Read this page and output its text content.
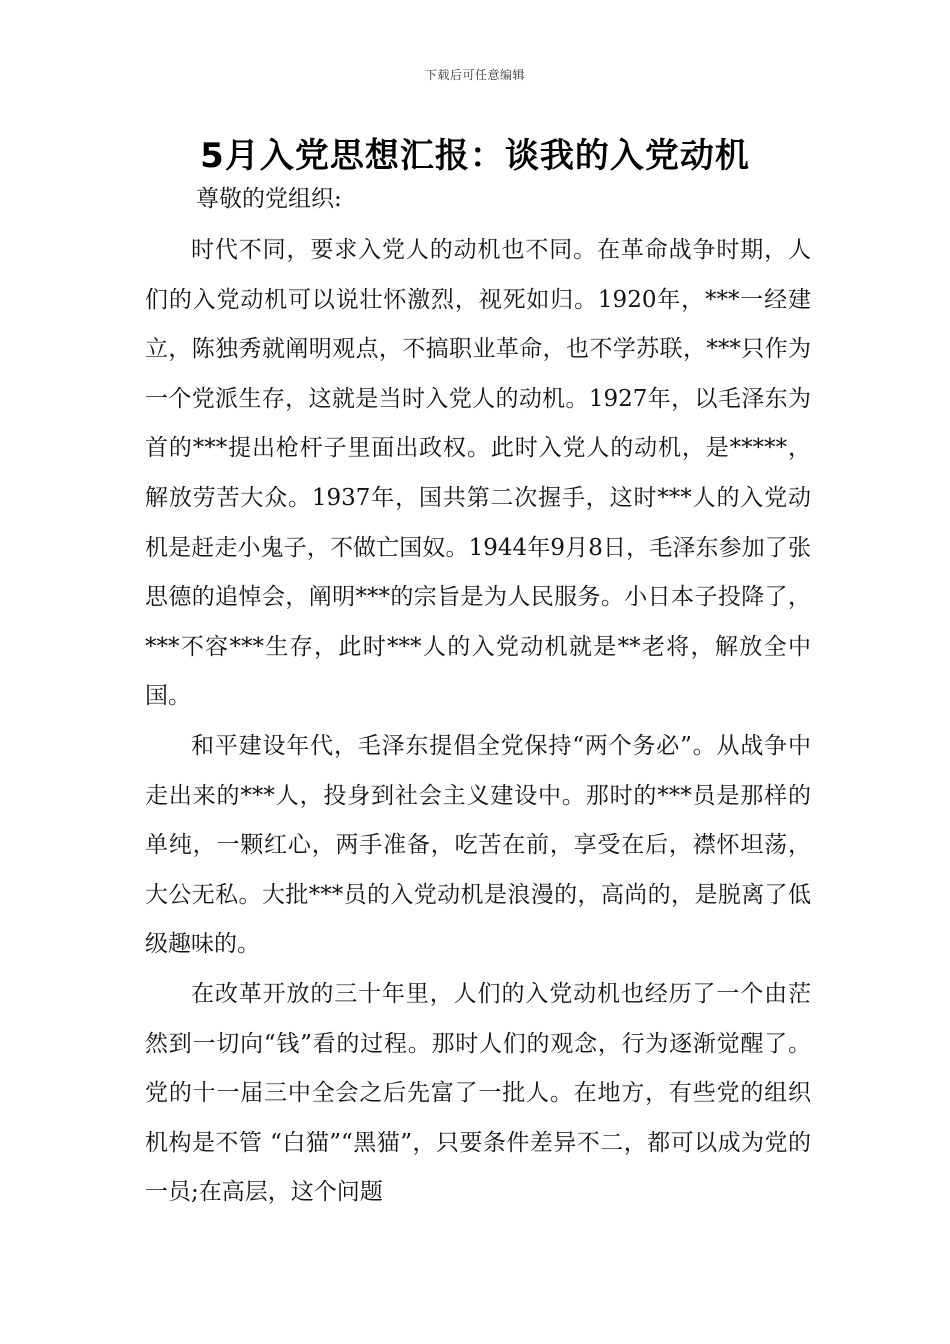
下载后可任意编辑
5月入党思想汇报：谈我的入党动机

尊敬的党组织:

时代不同，要求入党人的动机也不同。在革命战争时期，人们的入党动机可以说壮怀激烈，视死如归。1920年，***一经建立，陈独秀就阐明观点，不搞职业革命，也不学苏联，***只作为一个党派生存，这就是当时入党人的动机。1927年，以毛泽东为首的***提出枪杆子里面出政权。此时入党人的动机，是*****，解放劳苦大众。1937年，国共第二次握手，这时***人的入党动机是赶走小鬼子，不做亡国奴。1944年9月8日，毛泽东参加了张思德的追悼会，阐明***的宗旨是为人民服务。小日本子投降了，***不容***生存，此时***人的入党动机就是**老将，解放全中国。

和平建设年代，毛泽东提倡全党保持“两个务必”。从战争中走出来的***人，投身到社会主义建设中。那时的***员是那样的单纯，一颗红心，两手准备，吃苦在前，享受在后，襟怀坦荡，大公无私。大批***员的入党动机是浪漫的，高尚的，是脱离了低级趣味的。

在改革开放的三十年里，人们的入党动机也经历了一个由茫然到一切向“钱”看的过程。那时人们的观念，行为逐渐觉醒了。党的十一届三中全会之后先富了一批人。在地方，有些党的组织机构是不管 “白猫”“黑猫”，只要条件差异不二，都可以成为党的一员;在高层，这个问题
